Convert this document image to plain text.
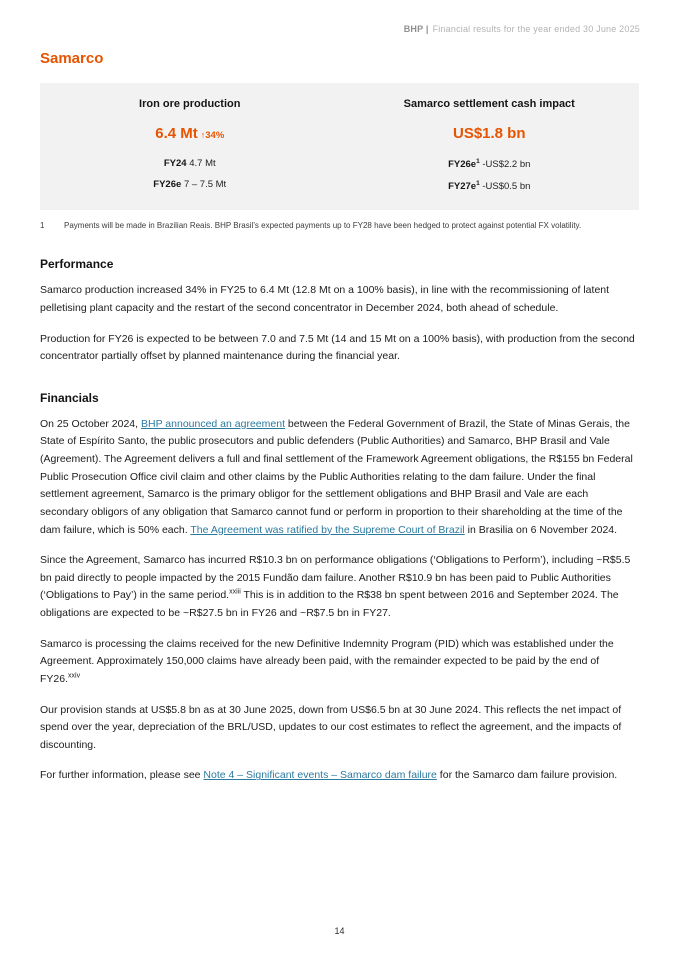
BHP | Financial results for the year ended 30 June 2025
Samarco
Iron ore production
6.4 Mt ↑34%
FY24 4.7 Mt
FY26e 7 – 7.5 Mt
Samarco settlement cash impact
US$1.8 bn
$FY26e^1$ -US$2.2 bn
$FY27e^1$ -US$0.5 bn
1	Payments will be made in Brazilian Reais. BHP Brasil’s expected payments up to FY28 have been hedged to protect against potential FX volatility.
Performance

Samarco production increased 34% in FY25 to 6.4 Mt (12.8 Mt on a 100% basis), in line with the recommissioning of latent pelletising plant capacity and the restart of the second concentrator in December 2024, both ahead of schedule.

Production for FY26 is expected to be between 7.0 and 7.5 Mt (14 and 15 Mt on a 100% basis), with production from the second concentrator partially offset by planned maintenance during the financial year.

Financials

On 25 October 2024, BHP announced an agreement between the Federal Government of Brazil, the State of Minas Gerais, the State of Espírito Santo, the public prosecutors and public defenders (Public Authorities) and Samarco, BHP Brasil and Vale (Agreement). The Agreement delivers a full and final settlement of the Framework Agreement obligations, the R$155 bn Federal Public Prosecution Office civil claim and other claims by the Public Authorities relating to the dam failure. Under the final settlement agreement, Samarco is the primary obligor for the settlement obligations and BHP Brasil and Vale are each secondary obligors of any obligation that Samarco cannot fund or perform in proportion to their shareholding at the time of the dam failure, which is 50% each. The Agreement was ratified by the Supreme Court of Brazil in Brasilia on 6 November 2024.

Since the Agreement, Samarco has incurred R$10.3 bn on performance obligations (‘Obligations to Perform’), including ~R$5.5 bn paid directly to people impacted by the 2015 Fundão dam failure. Another R$10.9 bn has been paid to Public Authorities (‘Obligations to Pay’) in the same period.$^{xxiii}$ This is in addition to the R$38 bn spent between 2016 and September 2024. The obligations are expected to be ~R$27.5 bn in FY26 and ~R$7.5 bn in FY27.

Samarco is processing the claims received for the new Definitive Indemnity Program (PID) which was established under the Agreement. Approximately 150,000 claims have already been paid, with the remainder expected to be paid by the end of FY26.$^{xxiv}$

Our provision stands at US$5.8 bn as at 30 June 2025, down from US$6.5 bn at 30 June 2024. This reflects the net impact of spend over the year, depreciation of the BRL/USD, updates to our cost estimates to reflect the agreement, and the impacts of discounting.

For further information, please see Note 4 – Significant events – Samarco dam failure for the Samarco dam failure provision.

14
